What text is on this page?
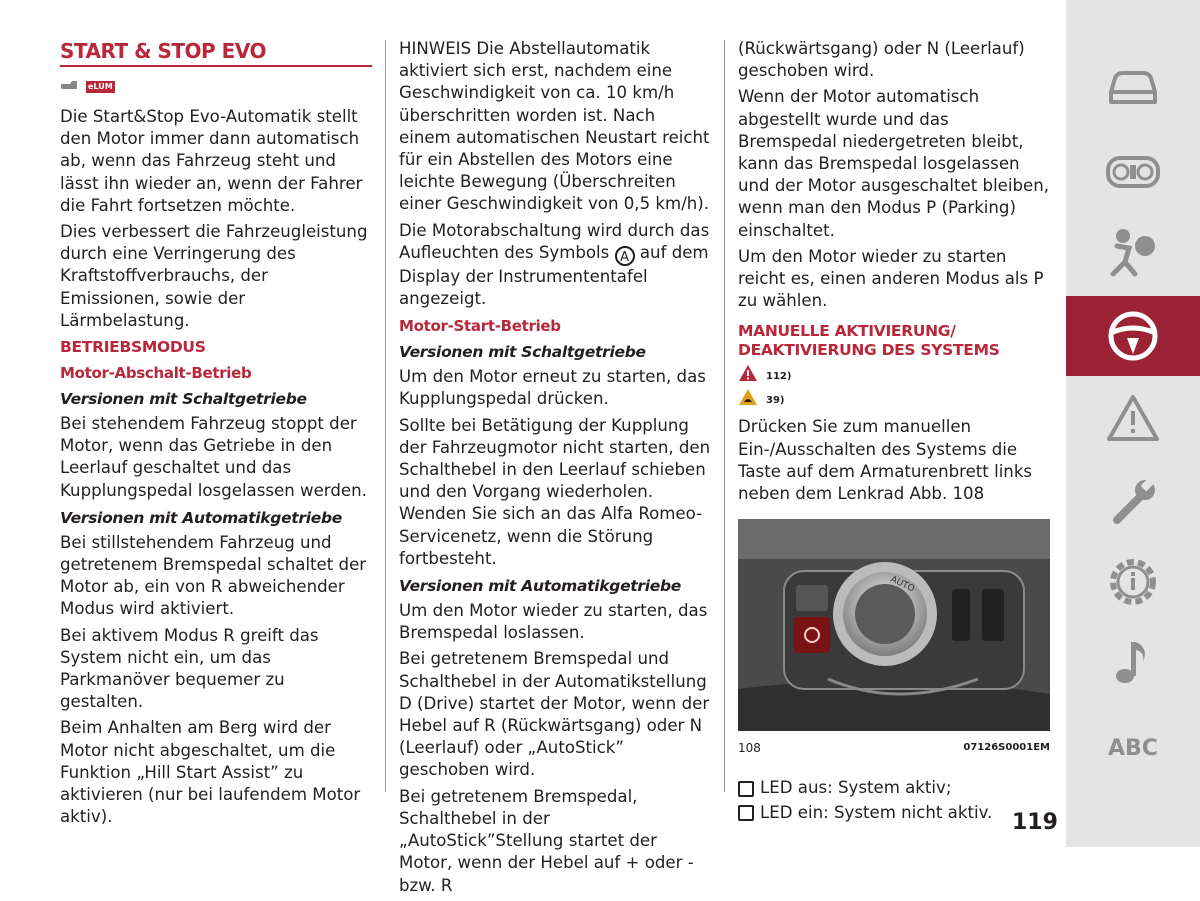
START & STOP EVO
eLUM

Die Start&Stop Evo-Automatik stellt den Motor immer dann automatisch ab, wenn das Fahrzeug steht und lässt ihn wieder an, wenn der Fahrer die Fahrt fortsetzen möchte.

Dies verbessert die Fahrzeugleistung durch eine Verringerung des Kraftstoffverbrauchs, der Emissionen, sowie der Lärmbelastung.

BETRIEBSMODUS
Motor-Abschalt-Betrieb
Versionen mit Schaltgetriebe

Bei stehendem Fahrzeug stoppt der Motor, wenn das Getriebe in den Leerlauf geschaltet und das Kupplungspedal losgelassen werden.

Versionen mit Automatikgetriebe

Bei stillstehendem Fahrzeug und getretenem Bremspedal schaltet der Motor ab, ein von R abweichender Modus wird aktiviert.

Bei aktivem Modus R greift das System nicht ein, um das Parkmanöver bequemer zu gestalten.

Beim Anhalten am Berg wird der Motor nicht abgeschaltet, um die Funktion „Hill Start Assist” zu aktivieren (nur bei laufendem Motor aktiv).

HINWEIS Die Abstellautomatik aktiviert sich erst, nachdem eine Geschwindigkeit von ca. 10 km/h überschritten worden ist. Nach einem automatischen Neustart reicht für ein Abstellen des Motors eine leichte Bewegung (Überschreiten einer Geschwindigkeit von 0,5 km/h).

Die Motorabschaltung wird durch das Aufleuchten des Symbols A auf dem Display der Instrumententafel angezeigt.

Motor-Start-Betrieb
Versionen mit Schaltgetriebe

Um den Motor erneut zu starten, das Kupplungspedal drücken.

Sollte bei Betätigung der Kupplung der Fahrzeugmotor nicht starten, den Schalthebel in den Leerlauf schieben und den Vorgang wiederholen. Wenden Sie sich an das Alfa Romeo-Servicenetz, wenn die Störung fortbesteht.

Versionen mit Automatikgetriebe

Um den Motor wieder zu starten, das Bremspedal loslassen.

Bei getretenem Bremspedal und Schalthebel in der Automatikstellung D (Drive) startet der Motor, wenn der Hebel auf R (Rückwärtsgang) oder N (Leerlauf) oder „AutoStick” geschoben wird.

Bei getretenem Bremspedal, Schalthebel in der „AutoStick”Stellung startet der Motor, wenn der Hebel auf + oder - bzw. R

(Rückwärtsgang) oder N (Leerlauf) geschoben wird.

Wenn der Motor automatisch abgestellt wurde und das Bremspedal niedergetreten bleibt, kann das Bremspedal losgelassen und der Motor ausgeschaltet bleiben, wenn man den Modus P (Parking) einschaltet.

Um den Motor wieder zu starten reicht es, einen anderen Modus als P zu wählen.

MANUELLE AKTIVIERUNG/ DEAKTIVIERUNG DES SYSTEMS
112)
39)

Drücken Sie zum manuellen Ein-/Ausschalten des Systems die Taste auf dem Armaturenbrett links neben dem Lenkrad Abb. 108

AUTO
108	07126S0001EM
LED aus: System aktiv;
LED ein: System nicht aktiv. 119
ABC
